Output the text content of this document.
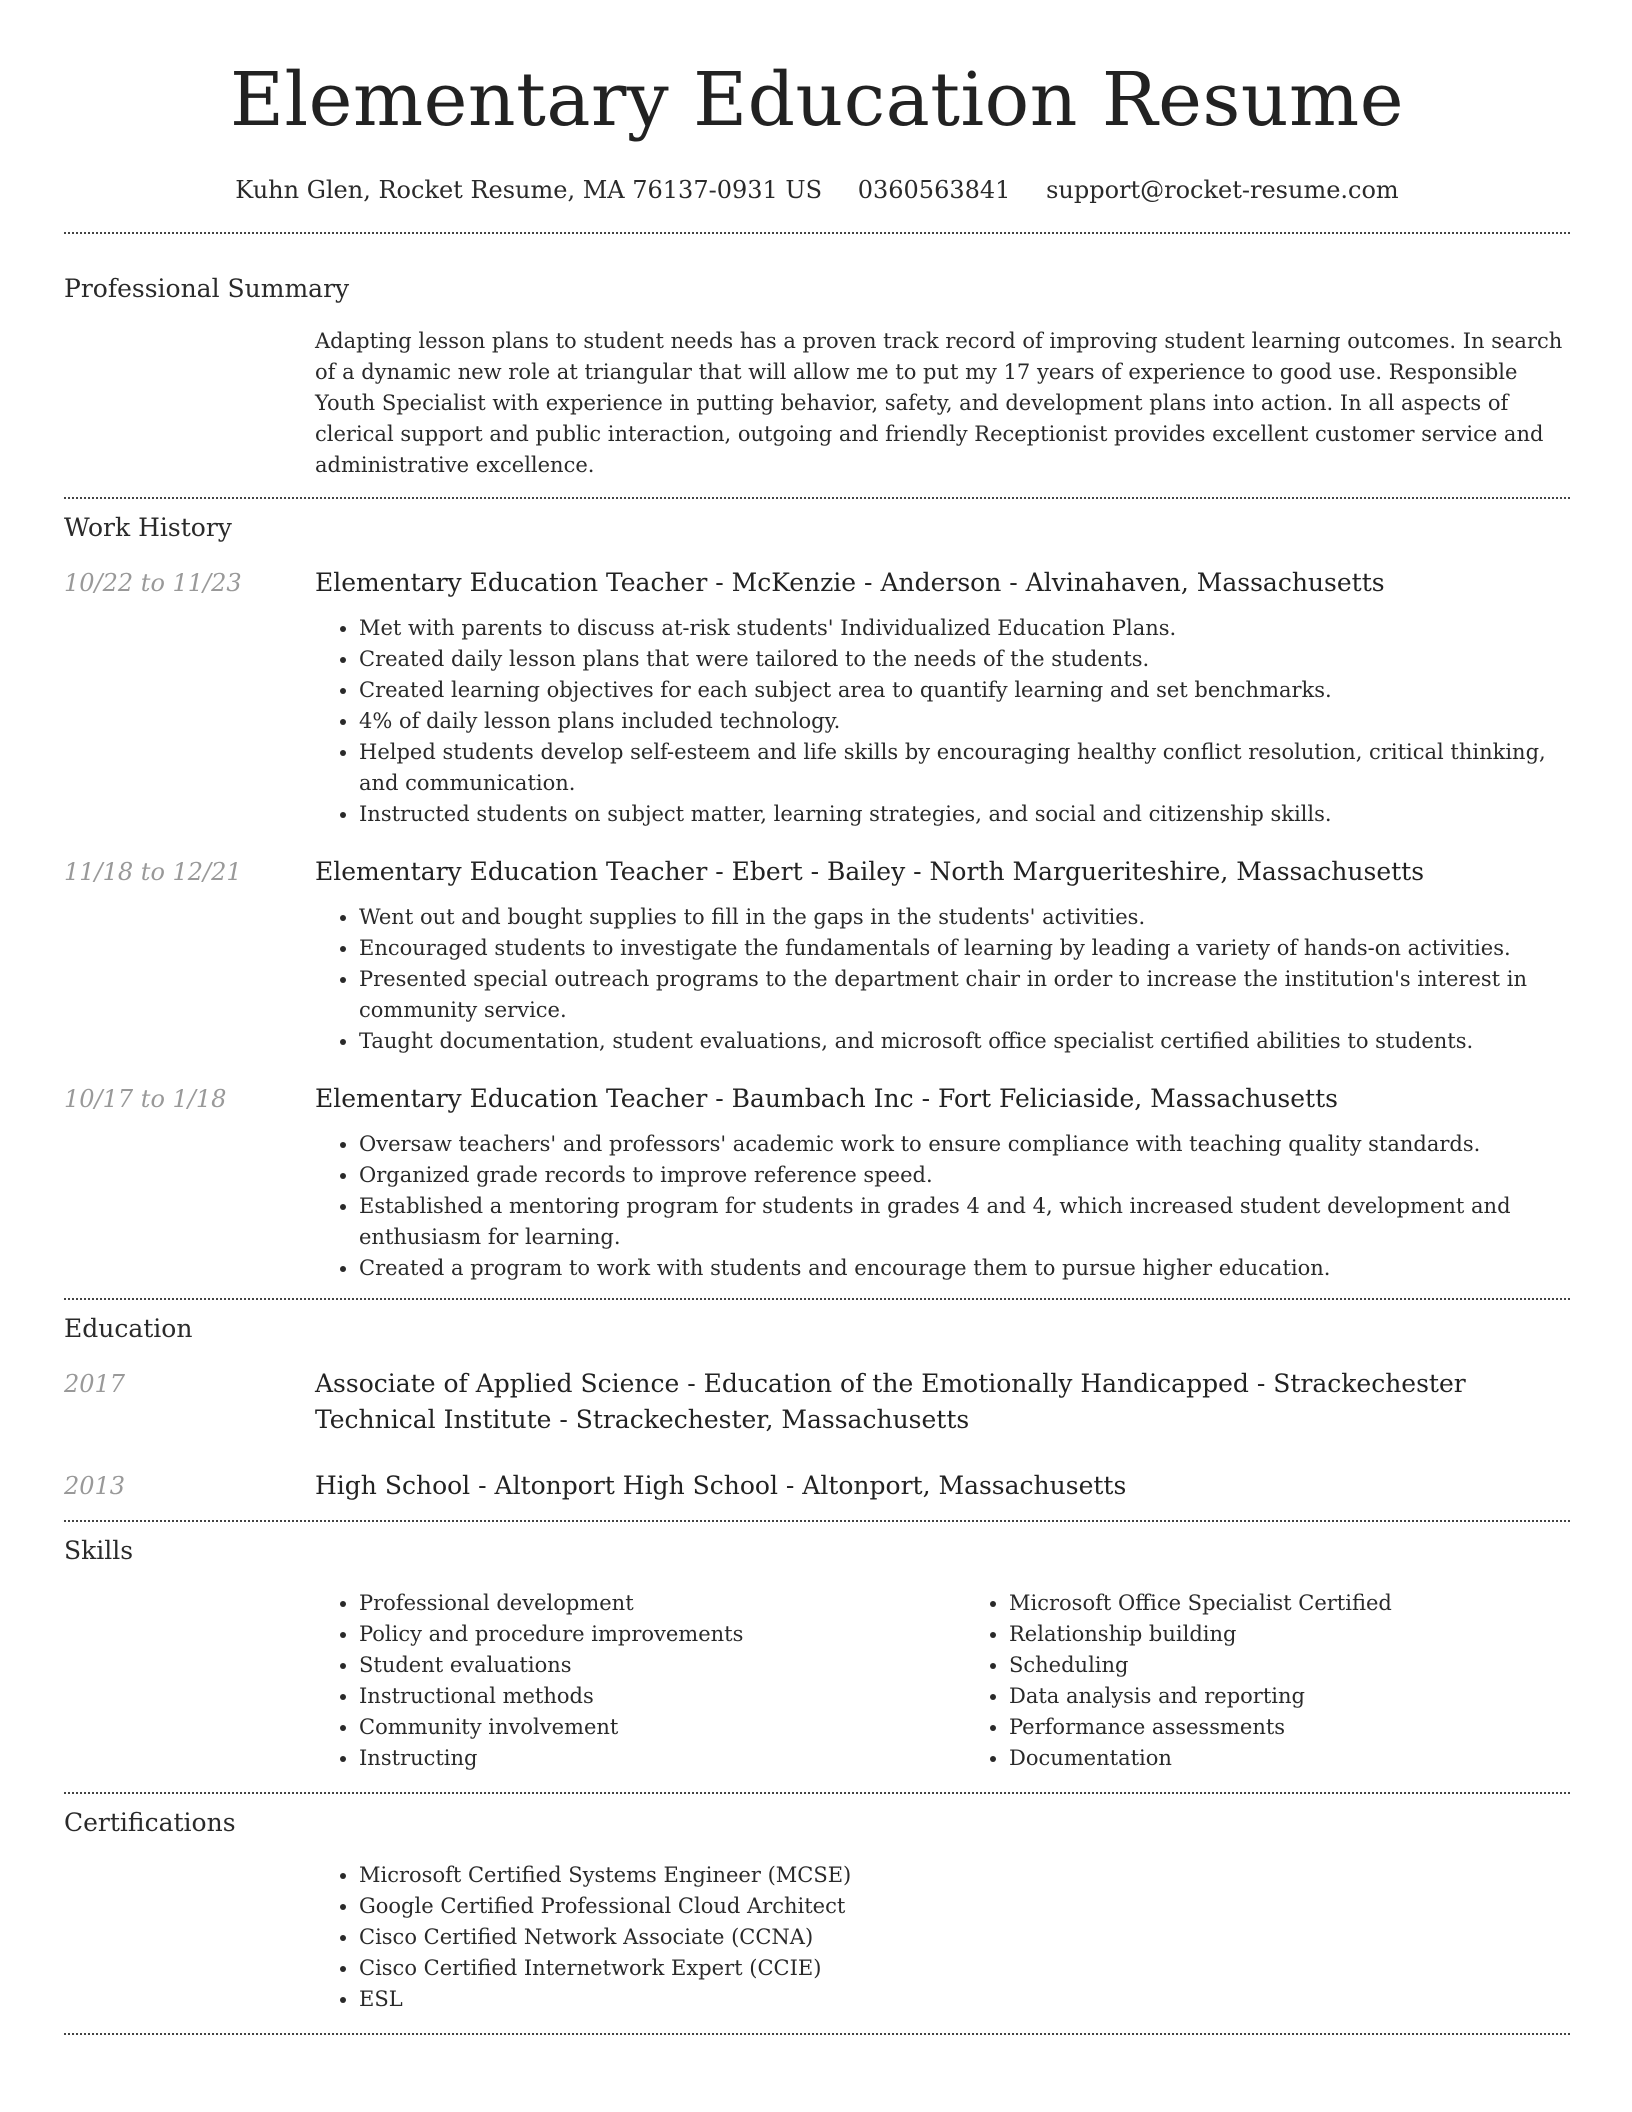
Elementary Education Resume
Kuhn Glen, Rocket Resume, MA 76137-0931 US 0360563841 support@rocket-resume.com
Professional Summary

Adapting lesson plans to student needs has a proven track record of improving student learning outcomes. In search of a dynamic new role at triangular that will allow me to put my 17 years of experience to good use. Responsible Youth Specialist with experience in putting behavior, safety, and development plans into action. In all aspects of clerical support and public interaction, outgoing and friendly Receptionist provides excellent customer service and administrative excellence.

Work History
10/22 to 11/23	Elementary Education Teacher - McKenzie - Anderson - Alvinahaven, Massachusetts
• Met with parents to discuss at-risk students' Individualized Education Plans.
• Created daily lesson plans that were tailored to the needs of the students.
• Created learning objectives for each subject area to quantify learning and set benchmarks.
• 4% of daily lesson plans included technology.
• Helped students develop self-esteem and life skills by encouraging healthy conflict resolution, critical thinking, and communication.
• Instructed students on subject matter, learning strategies, and social and citizenship skills.
11/18 to 12/21	Elementary Education Teacher - Ebert - Bailey - North Margueriteshire, Massachusetts
• Went out and bought supplies to fill in the gaps in the students' activities.
• Encouraged students to investigate the fundamentals of learning by leading a variety of hands-on activities.
• Presented special outreach programs to the department chair in order to increase the institution's interest in community service.
• Taught documentation, student evaluations, and microsoft office specialist certified abilities to students.
10/17 to 1/18	Elementary Education Teacher - Baumbach Inc - Fort Feliciaside, Massachusetts
• Oversaw teachers' and professors' academic work to ensure compliance with teaching quality standards.
• Organized grade records to improve reference speed.
• Established a mentoring program for students in grades 4 and 4, which increased student development and enthusiasm for learning.
• Created a program to work with students and encourage them to pursue higher education.
Education
2017	Associate of Applied Science - Education of the Emotionally Handicapped - Strackechester Technical Institute - Strackechester, Massachusetts
2013	High School - Altonport High School - Altonport, Massachusetts
Skills
• Professional development
• Policy and procedure improvements
• Student evaluations
• Instructional methods
• Community involvement
• Instructing
• Microsoft Office Specialist Certified
• Relationship building
• Scheduling
• Data analysis and reporting
• Performance assessments
• Documentation
Certifications
• Microsoft Certified Systems Engineer (MCSE)
• Google Certified Professional Cloud Architect
• Cisco Certified Network Associate (CCNA)
• Cisco Certified Internetwork Expert (CCIE)
• ESL
